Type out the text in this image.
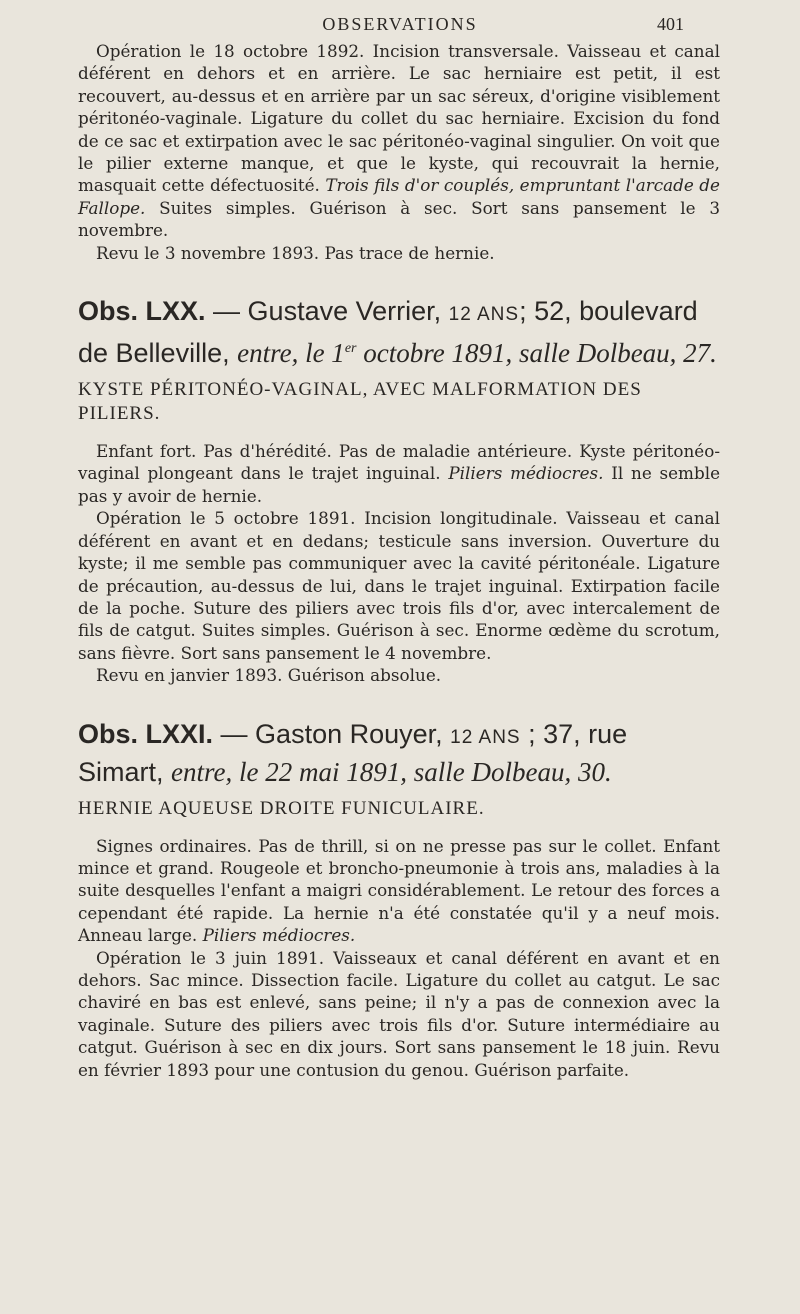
OBSERVATIONS	401

Opération le 18 octobre 1892. Incision transversale. Vaisseau et canal déférent en dehors et en arrière. Le sac herniaire est petit, il est recouvert, au-dessus et en arrière par un sac séreux, d'origine visiblement péritonéo-vaginale. Ligature du collet du sac herniaire. Excision du fond de ce sac et extirpation avec le sac péritonéo-vaginal singulier. On voit que le pilier externe manque, et que le kyste, qui recouvrait la hernie, masquait cette défectuosité. Trois fils d'or couplés, empruntant l'arcade de Fallope. Suites simples. Guérison à sec. Sort sans pansement le 3 novembre.

Revu le 3 novembre 1893. Pas trace de hernie.

Obs. LXX. — Gustave Verrier, 12 ANS; 52, boulevard de Belleville, entre, le 1er octobre 1891, salle Dolbeau, 27.
KYSTE PÉRITONÉO-VAGINAL, AVEC MALFORMATION DES PILIERS.

Enfant fort. Pas d'hérédité. Pas de maladie antérieure. Kyste péritonéo-vaginal plongeant dans le trajet inguinal. Piliers médiocres. Il ne semble pas y avoir de hernie.

Opération le 5 octobre 1891. Incision longitudinale. Vaisseau et canal déférent en avant et en dedans; testicule sans inversion. Ouverture du kyste; il me semble pas communiquer avec la cavité péritonéale. Ligature de précaution, au-dessus de lui, dans le trajet inguinal. Extirpation facile de la poche. Suture des piliers avec trois fils d'or, avec intercalement de fils de catgut. Suites simples. Guérison à sec. Enorme œdème du scrotum, sans fièvre. Sort sans pansement le 4 novembre.

Revu en janvier 1893. Guérison absolue.

Obs. LXXI. — Gaston Rouyer, 12 ANS ; 37, rue Simart, entre, le 22 mai 1891, salle Dolbeau, 30.
HERNIE AQUEUSE DROITE FUNICULAIRE.

Signes ordinaires. Pas de thrill, si on ne presse pas sur le collet. Enfant mince et grand. Rougeole et broncho-pneumonie à trois ans, maladies à la suite desquelles l'enfant a maigri considérablement. Le retour des forces a cependant été rapide. La hernie n'a été constatée qu'il y a neuf mois. Anneau large. Piliers médiocres.

Opération le 3 juin 1891. Vaisseaux et canal déférent en avant et en dehors. Sac mince. Dissection facile. Ligature du collet au catgut. Le sac chaviré en bas est enlevé, sans peine; il n'y a pas de connexion avec la vaginale. Suture des piliers avec trois fils d'or. Suture intermédiaire au catgut. Guérison à sec en dix jours. Sort sans pansement le 18 juin. Revu en février 1893 pour une contusion du genou. Guérison parfaite.
